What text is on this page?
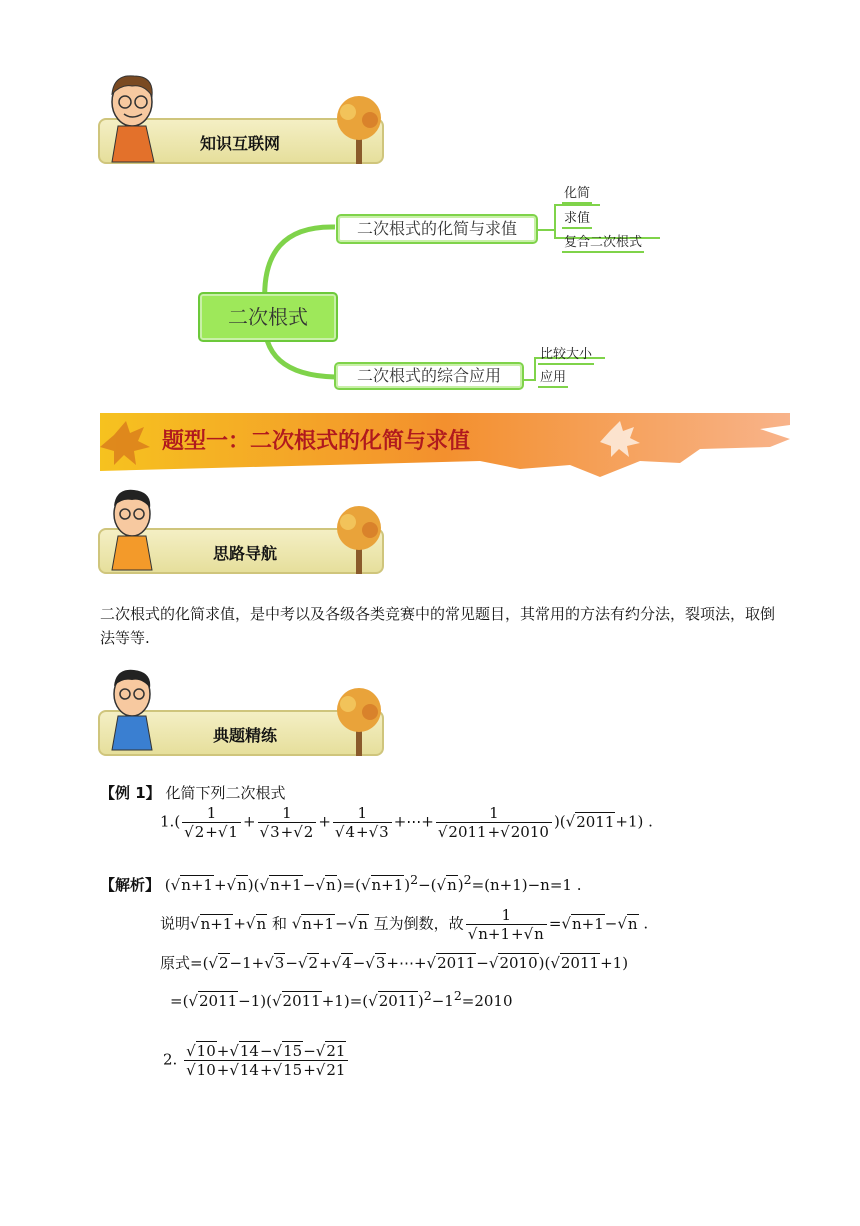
知识互联网
二次根式
二次根式的化简与求值
化简
求值
复合二次根式
二次根式的综合应用
比较大小
应用
题型一：二次根式的化简与求值
思路导航
二次根式的化简求值，是中考以及各级各类竞赛中的常见题目，其常用的方法有约分法，裂项法，取倒法等等.
典题精练
【例 1】 化简下列二次根式
$1.( \frac{1}{√2+√1} + \frac{1}{√3+√2} + \frac{1}{√4+√3}$ +⋯+ $\frac{1}{√2011+√2010} )(√2011+1)$ .
【解析】 $(√n+1+√n)(√n+1-√n)=(√n+1)^2-(√n)^2=(n+1)-n=1$ .
说明√n+1+√n 和 √n+1−√n 互为倒数，故 $\frac{1}{√n+1+√n} =√n+1-√n$ .
原式=(√2−1+√3−√2+√4−√3+⋯+√2011−√2010)(√2011+1)
$=(√2011-1)(√2011+1)=(√2011)^2-1^2=2010$
2. $\frac{√10+√14-√15-√21}{√10+√14+√15+√21}$
